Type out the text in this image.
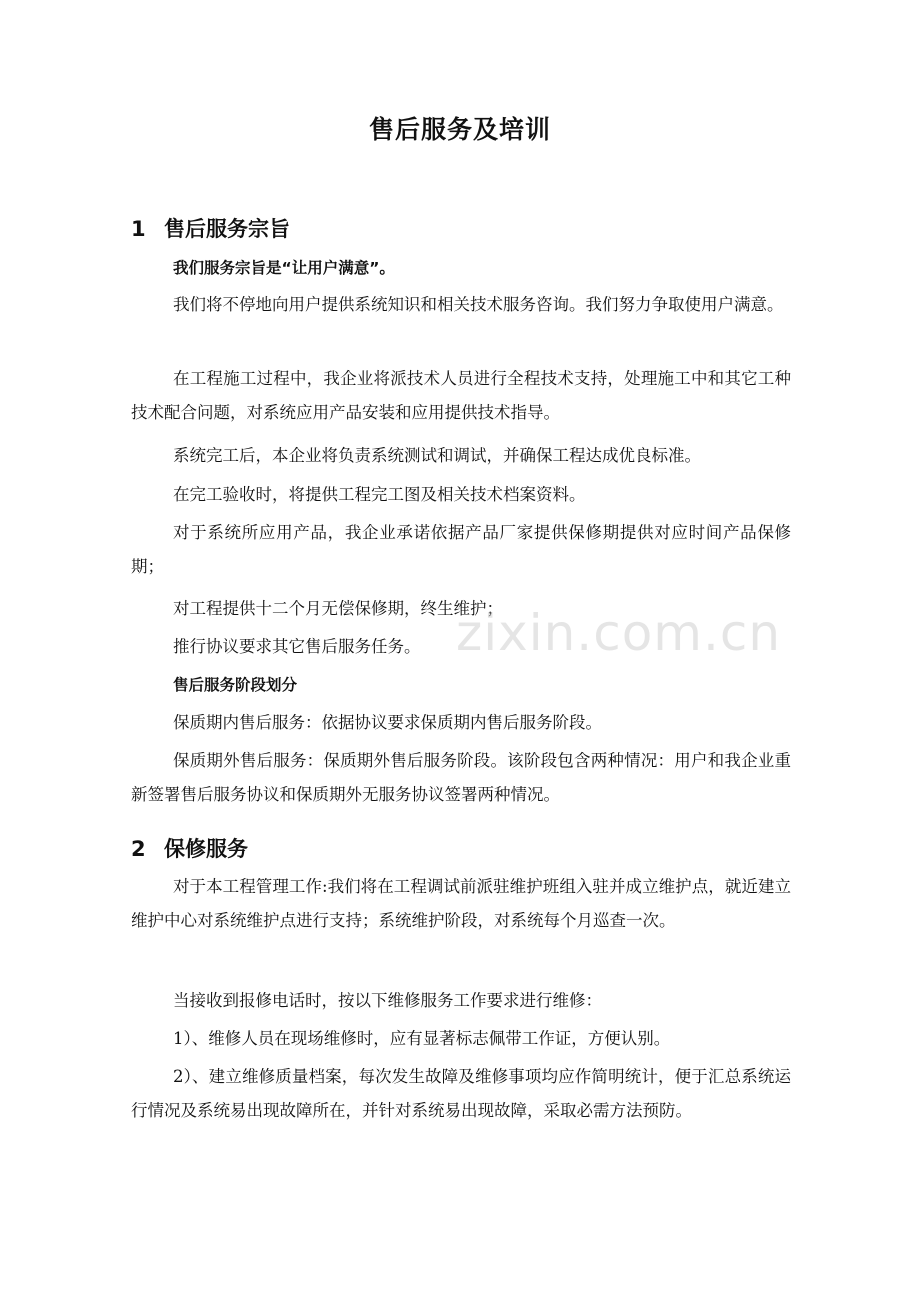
售后服务及培训
1 售后服务宗旨
我们服务宗旨是“让用户满意”。
我们将不停地向用户提供系统知识和相关技术服务咨询。我们努力争取使用户满意。
在工程施工过程中，我企业将派技术人员进行全程技术支持，处理施工中和其它工种技术配合问题，对系统应用产品安装和应用提供技术指导。
系统完工后，本企业将负责系统测试和调试，并确保工程达成优良标准。
在完工验收时，将提供工程完工图及相关技术档案资料。
对于系统所应用产品，我企业承诺依据产品厂家提供保修期提供对应时间产品保修期；
对工程提供十二个月无偿保修期，终生维护；
推行协议要求其它售后服务任务。
售后服务阶段划分
保质期内售后服务：依据协议要求保质期内售后服务阶段。
保质期外售后服务：保质期外售后服务阶段。该阶段包含两种情况：用户和我企业重新签署售后服务协议和保质期外无服务协议签署两种情况。
2 保修服务
对于本工程管理工作:我们将在工程调试前派驻维护班组入驻并成立维护点，就近建立维护中心对系统维护点进行支持；系统维护阶段，对系统每个月巡查一次。
当接收到报修电话时，按以下维修服务工作要求进行维修：
1）、维修人员在现场维修时，应有显著标志佩带工作证，方便认别。
2）、建立维修质量档案，每次发生故障及维修事项均应作简明统计，便于汇总系统运行情况及系统易出现故障所在，并针对系统易出现故障，采取必需方法预防。
zixin.com.cn
